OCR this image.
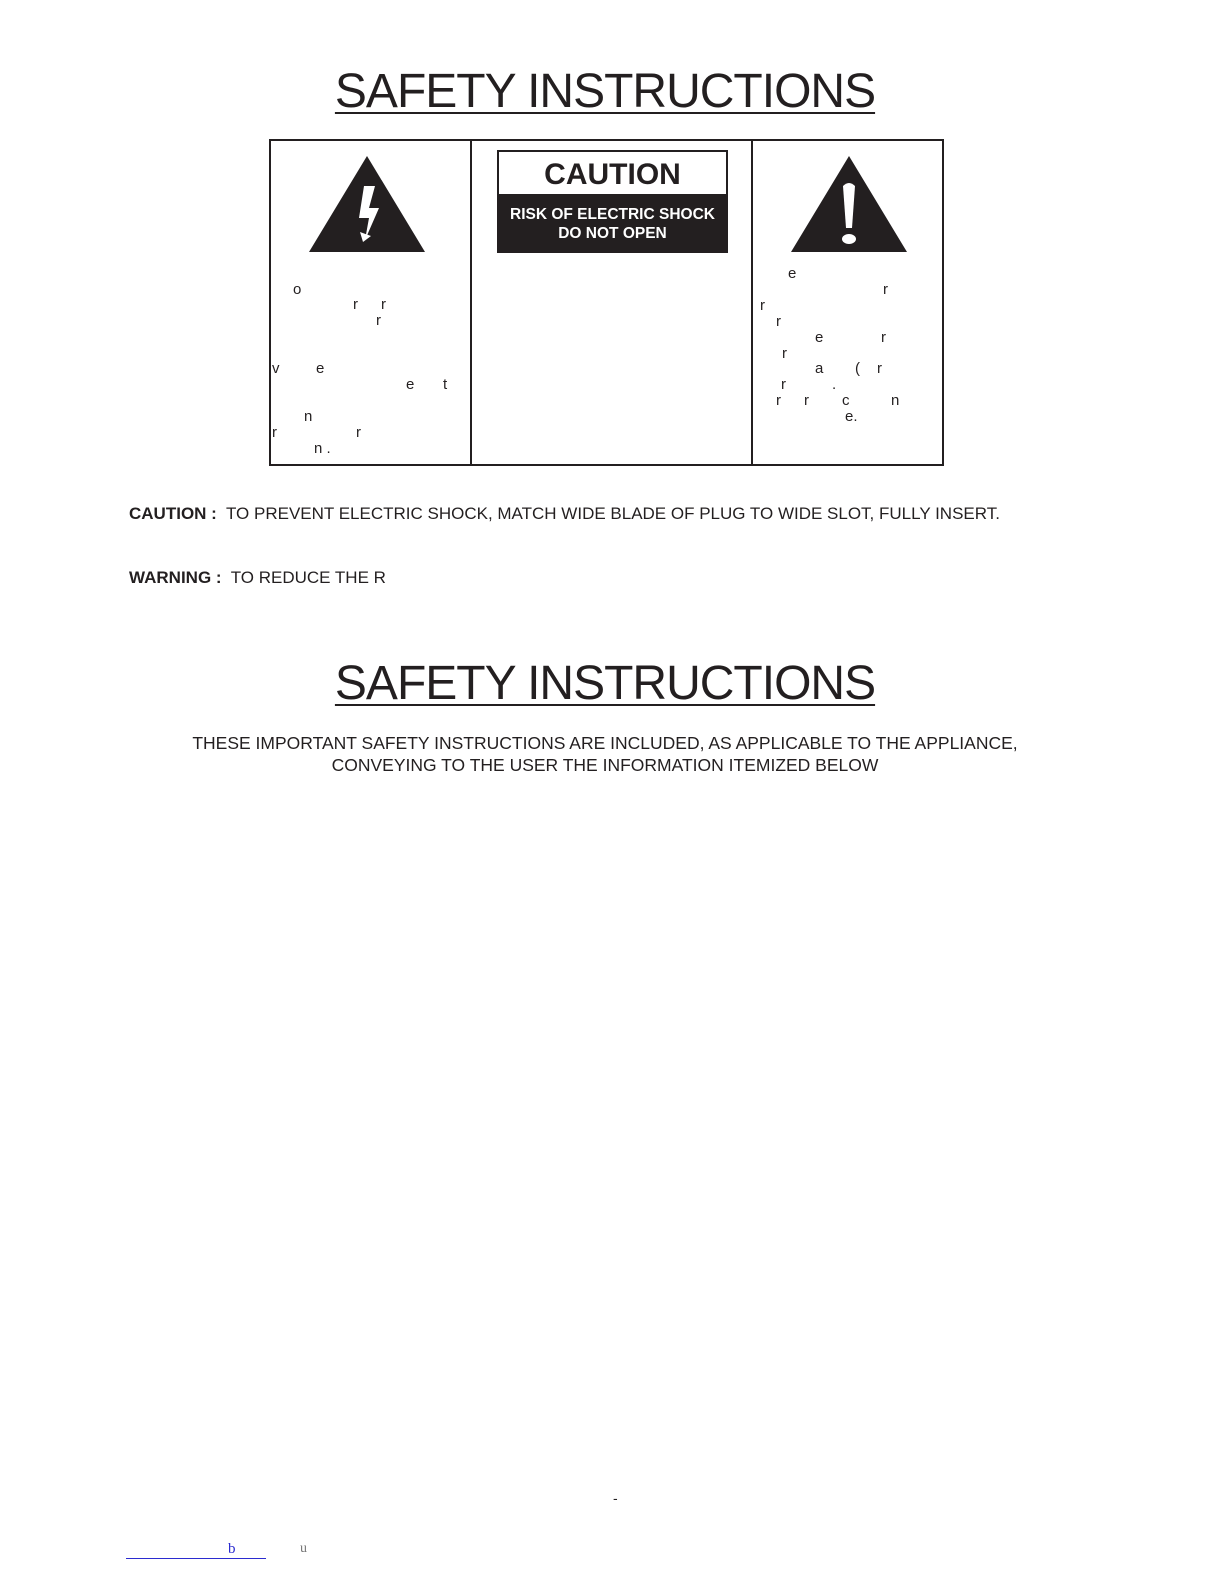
SAFETY INSTRUCTIONS
CAUTION
RISK OF ELECTRIC SHOCK
DO NOT OPEN
o
r r
r
v e
e t
n
r	r
n .
e
r
r
r
e	r
r
a ( r
r	.
r r c	n
e.
CAUTION : TO PREVENT ELECTRIC SHOCK, MATCH WIDE BLADE OF PLUG TO WIDE SLOT, FULLY INSERT.
WARNING : TO REDUCE THE R
SAFETY INSTRUCTIONS
THESE IMPORTANT SAFETY INSTRUCTIONS ARE INCLUDED, AS APPLICABLE TO THE APPLIANCE,
CONVEYING TO THE USER THE INFORMATION ITEMIZED BELOW
-
b	u
